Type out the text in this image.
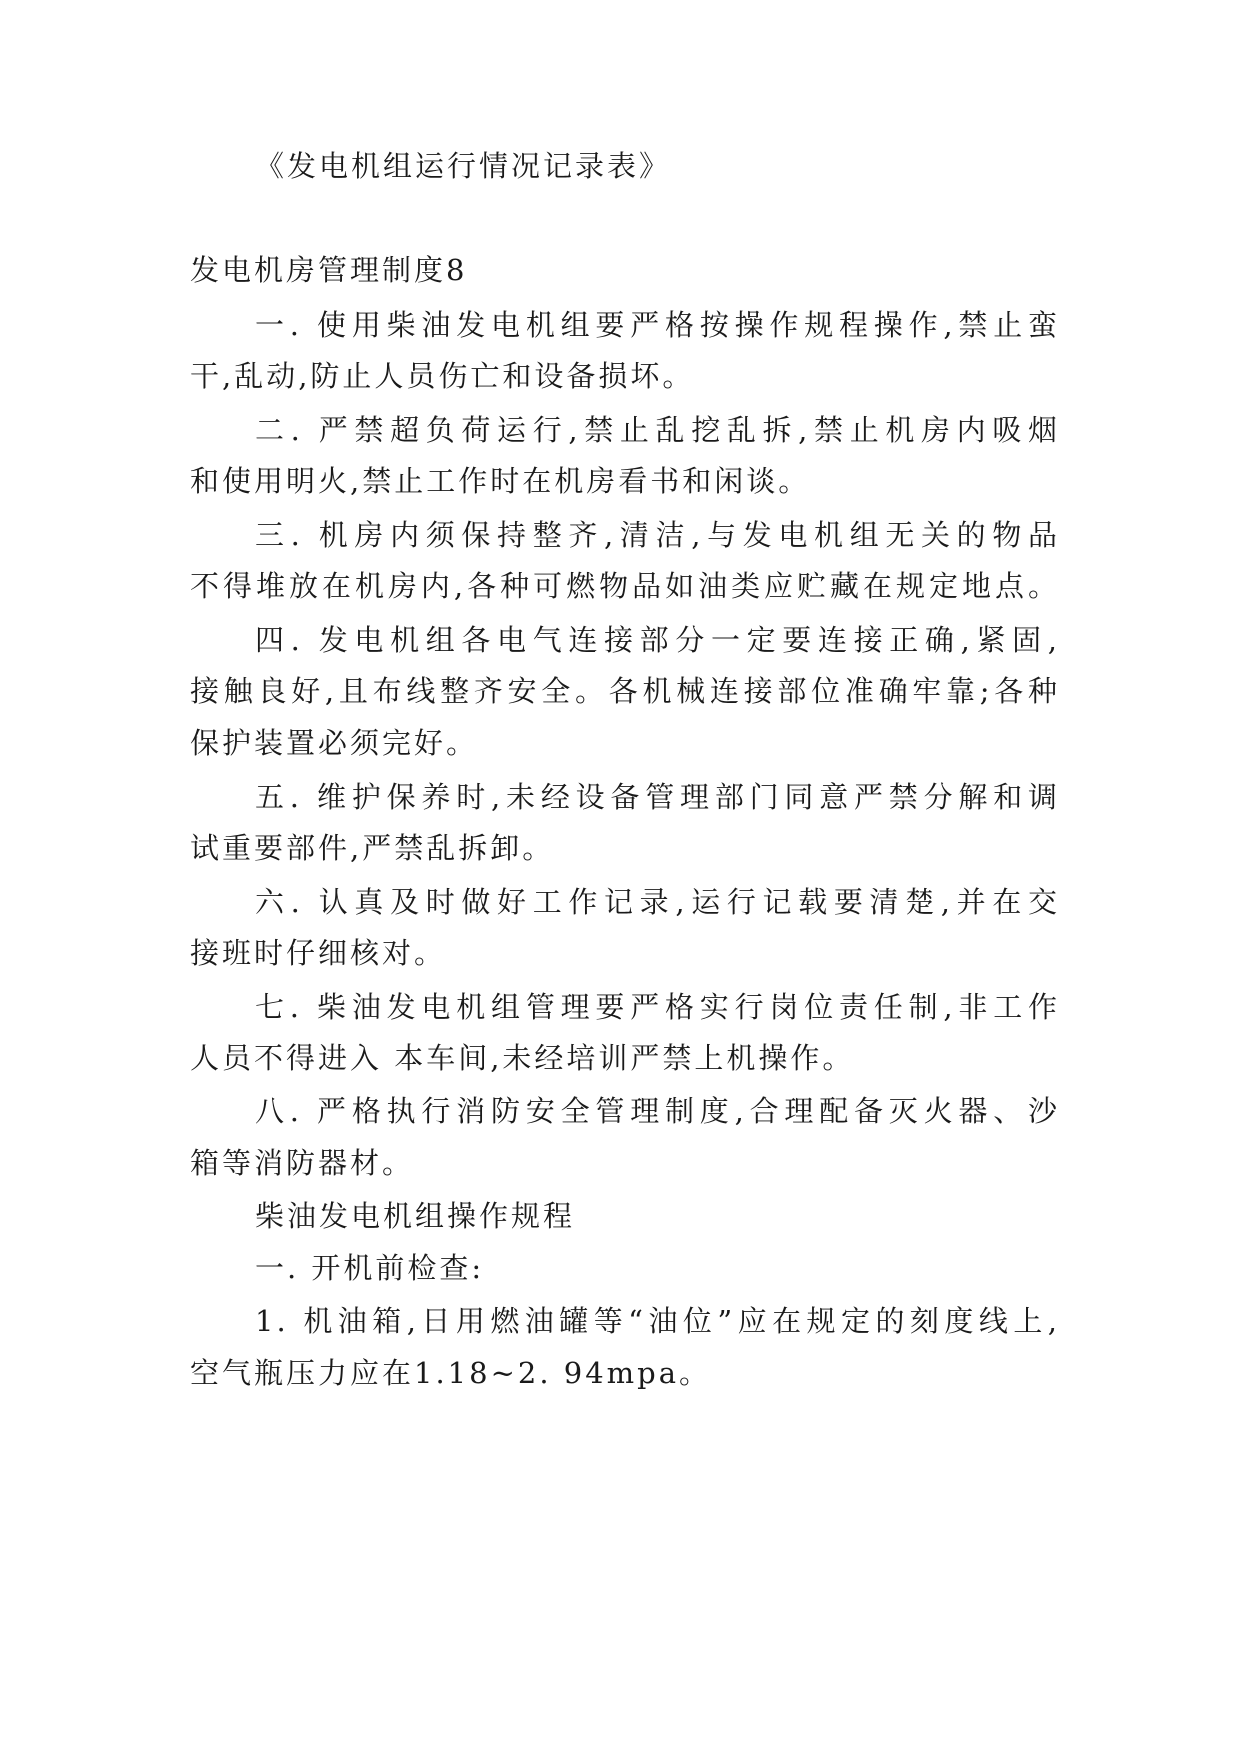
《发电机组运行情况记录表》
发电机房管理制度8
一. 使用柴油发电机组要严格按操作规程操作,禁止蛮
干,乱动,防止人员伤亡和设备损坏。
二. 严禁超负荷运行,禁止乱挖乱拆,禁止机房内吸烟
和使用明火,禁止工作时在机房看书和闲谈。
三. 机房内须保持整齐,清洁,与发电机组无关的物品
不得堆放在机房内,各种可燃物品如油类应贮藏在规定地点。
四. 发电机组各电气连接部分一定要连接正确,紧固,
接触良好,且布线整齐安全。各机械连接部位准确牢靠;各种
保护装置必须完好。
五. 维护保养时,未经设备管理部门同意严禁分解和调
试重要部件,严禁乱拆卸。
六. 认真及时做好工作记录,运行记载要清楚,并在交
接班时仔细核对。
七. 柴油发电机组管理要严格实行岗位责任制,非工作
人员不得进入 本车间,未经培训严禁上机操作。
八. 严格执行消防安全管理制度,合理配备灭火器、沙
箱等消防器材。
柴油发电机组操作规程
一. 开机前检查:
1. 机油箱,日用燃油罐等“油位”应在规定的刻度线上,
空气瓶压力应在1.18~2. 94mpa。
